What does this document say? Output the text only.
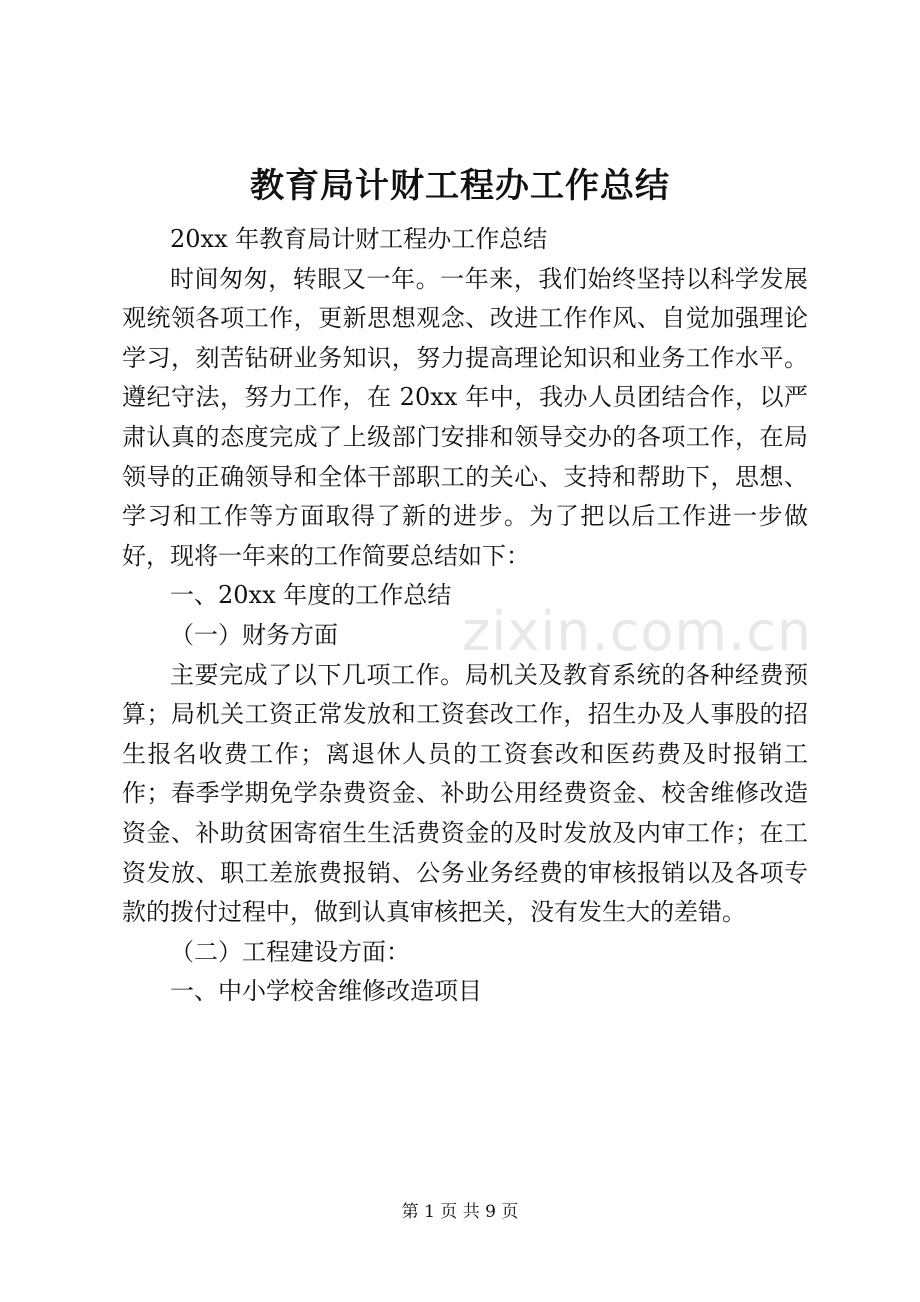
教育局计财工程办工作总结

20xx 年教育局计财工程办工作总结

时间匆匆，转眼又一年。一年来，我们始终坚持以科学发展观统领各项工作，更新思想观念、改进工作作风、自觉加强理论学习，刻苦钻研业务知识，努力提高理论知识和业务工作水平。遵纪守法，努力工作，在 20xx 年中，我办人员团结合作，以严肃认真的态度完成了上级部门安排和领导交办的各项工作，在局领导的正确领导和全体干部职工的关心、支持和帮助下，思想、学习和工作等方面取得了新的进步。为了把以后工作进一步做好，现将一年来的工作简要总结如下：

一、20xx 年度的工作总结

（一）财务方面

主要完成了以下几项工作。局机关及教育系统的各种经费预算；局机关工资正常发放和工资套改工作，招生办及人事股的招生报名收费工作；离退休人员的工资套改和医药费及时报销工作；春季学期免学杂费资金、补助公用经费资金、校舍维修改造资金、补助贫困寄宿生生活费资金的及时发放及内审工作；在工资发放、职工差旅费报销、公务业务经费的审核报销以及各项专款的拨付过程中，做到认真审核把关，没有发生大的差错。

（二）工程建设方面：

一、中小学校舍维修改造项目

zixin.com.cn
第 1 页 共 9 页
